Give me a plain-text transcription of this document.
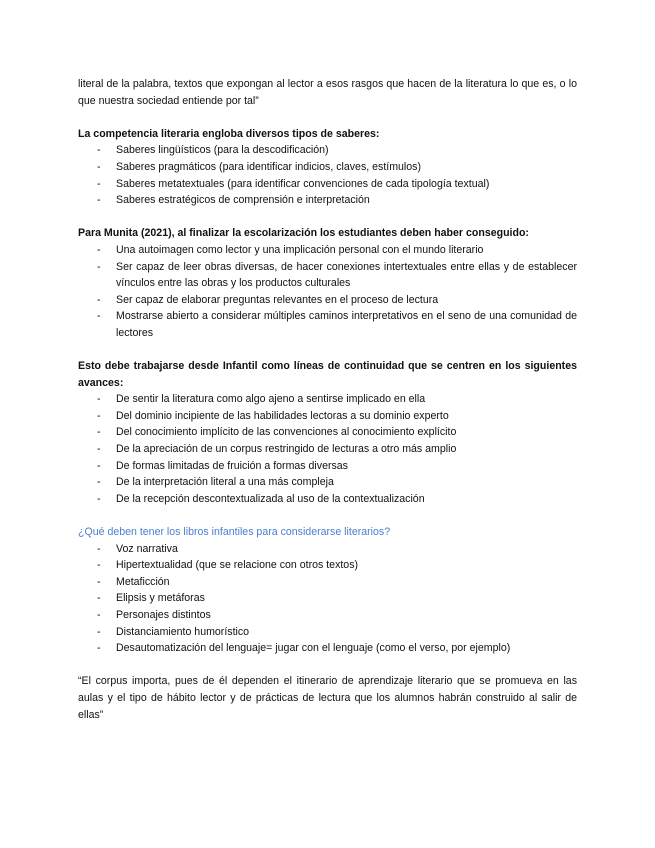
literal de la palabra, textos que expongan al lector a esos rasgos que hacen de la literatura lo que es, o lo que nuestra sociedad entiende por tal”

La competencia literaria engloba diversos tipos de saberes:

- Saberes lingüísticos (para la descodificación)
- Saberes pragmáticos (para identificar indicios, claves, estímulos)
- Saberes metatextuales (para identificar convenciones de cada tipología textual)
- Saberes estratégicos de comprensión e interpretación

Para Munita (2021), al finalizar la escolarización los estudiantes deben haber conseguido:

- Una autoimagen como lector y una implicación personal con el mundo literario
- Ser capaz de leer obras diversas, de hacer conexiones intertextuales entre ellas y de establecer vínculos entre las obras y los productos culturales
- Ser capaz de elaborar preguntas relevantes en el proceso de lectura
- Mostrarse abierto a considerar múltiples caminos interpretativos en el seno de una comunidad de lectores

Esto debe trabajarse desde Infantil como líneas de continuidad que se centren en los siguientes avances:

- De sentir la literatura como algo ajeno a sentirse implicado en ella
- Del dominio incipiente de las habilidades lectoras a su dominio experto
- Del conocimiento implícito de las convenciones al conocimiento explícito
- De la apreciación de un corpus restringido de lecturas a otro más amplio
- De formas limitadas de fruición a formas diversas
- De la interpretación literal a una más compleja
- De la recepción descontextualizada al uso de la contextualización

¿Qué deben tener los libros infantiles para considerarse literarios?

- Voz narrativa
- Hipertextualidad (que se relacione con otros textos)
- Metaficción
- Elipsis y metáforas
- Personajes distintos
- Distanciamiento humorístico
- Desautomatización del lenguaje= jugar con el lenguaje (como el verso, por ejemplo)

“El corpus importa, pues de él dependen el itinerario de aprendizaje literario que se promueva en las aulas y el tipo de hábito lector y de prácticas de lectura que los alumnos habrán construido al salir de ellas”
